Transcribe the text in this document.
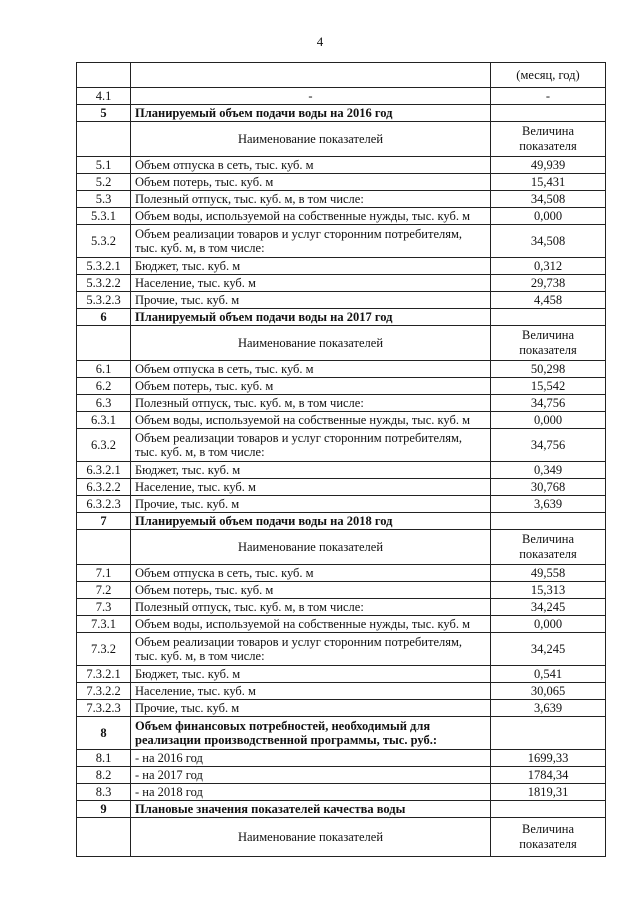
4
		(месяц, год)
4.1	-	-
5	Планируемый объем подачи воды на 2016 год	
	Наименование показателей	Величина показателя
5.1	Объем отпуска в сеть, тыс. куб. м	49,939
5.2	Объем потерь, тыс. куб. м	15,431
5.3	Полезный отпуск, тыс. куб. м, в том числе:	34,508
5.3.1	Объем воды, используемой на собственные нужды, тыс. куб. м	0,000
5.3.2	Объем реализации товаров и услуг сторонним потребителям, тыс. куб. м, в том числе:	34,508
5.3.2.1	Бюджет, тыс. куб. м	0,312
5.3.2.2	Население, тыс. куб. м	29,738
5.3.2.3	Прочие, тыс. куб. м	4,458
6	Планируемый объем подачи воды на 2017 год	
	Наименование показателей	Величина показателя
6.1	Объем отпуска в сеть, тыс. куб. м	50,298
6.2	Объем потерь, тыс. куб. м	15,542
6.3	Полезный отпуск, тыс. куб. м, в том числе:	34,756
6.3.1	Объем воды, используемой на собственные нужды, тыс. куб. м	0,000
6.3.2	Объем реализации товаров и услуг сторонним потребителям, тыс. куб. м, в том числе:	34,756
6.3.2.1	Бюджет, тыс. куб. м	0,349
6.3.2.2	Население, тыс. куб. м	30,768
6.3.2.3	Прочие, тыс. куб. м	3,639
7	Планируемый объем подачи воды на 2018 год	
	Наименование показателей	Величина показателя
7.1	Объем отпуска в сеть, тыс. куб. м	49,558
7.2	Объем потерь, тыс. куб. м	15,313
7.3	Полезный отпуск, тыс. куб. м, в том числе:	34,245
7.3.1	Объем воды, используемой на собственные нужды, тыс. куб. м	0,000
7.3.2	Объем реализации товаров и услуг сторонним потребителям, тыс. куб. м, в том числе:	34,245
7.3.2.1	Бюджет, тыс. куб. м	0,541
7.3.2.2	Население, тыс. куб. м	30,065
7.3.2.3	Прочие, тыс. куб. м	3,639
8	Объем финансовых потребностей, необходимый для реализации производственной программы, тыс. руб.:	
8.1	- на 2016 год	1699,33
8.2	- на 2017 год	1784,34
8.3	- на 2018 год	1819,31
9	Плановые значения показателей качества воды	
	Наименование показателей	Величина показателя
